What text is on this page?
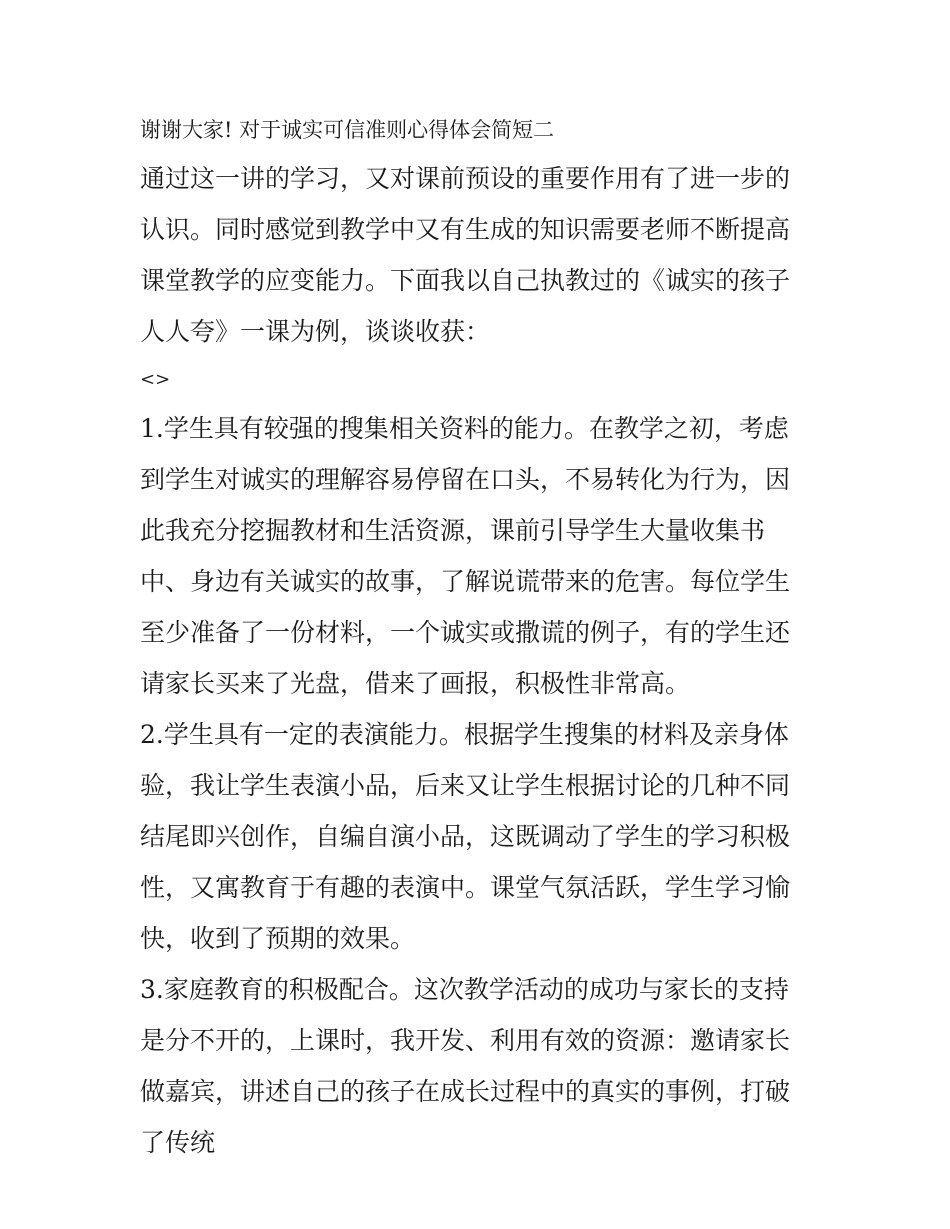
谢谢大家! 对于诚实可信准则心得体会简短二

通过这一讲的学习，又对课前预设的重要作用有了进一步的认识。同时感觉到教学中又有生成的知识需要老师不断提高课堂教学的应变能力。下面我以自己执教过的《诚实的孩子人人夸》一课为例，谈谈收获：

<>

1.学生具有较强的搜集相关资料的能力。在教学之初，考虑到学生对诚实的理解容易停留在口头，不易转化为行为，因此我充分挖掘教材和生活资源，课前引导学生大量收集书中、身边有关诚实的故事，了解说谎带来的危害。每位学生至少准备了一份材料，一个诚实或撒谎的例子，有的学生还请家长买来了光盘，借来了画报，积极性非常高。

2.学生具有一定的表演能力。根据学生搜集的材料及亲身体验，我让学生表演小品，后来又让学生根据讨论的几种不同结尾即兴创作，自编自演小品，这既调动了学生的学习积极性，又寓教育于有趣的表演中。课堂气氛活跃，学生学习愉快，收到了预期的效果。

3.家庭教育的积极配合。这次教学活动的成功与家长的支持是分不开的，上课时，我开发、利用有效的资源：邀请家长做嘉宾，讲述自己的孩子在成长过程中的真实的事例，打破了传统
